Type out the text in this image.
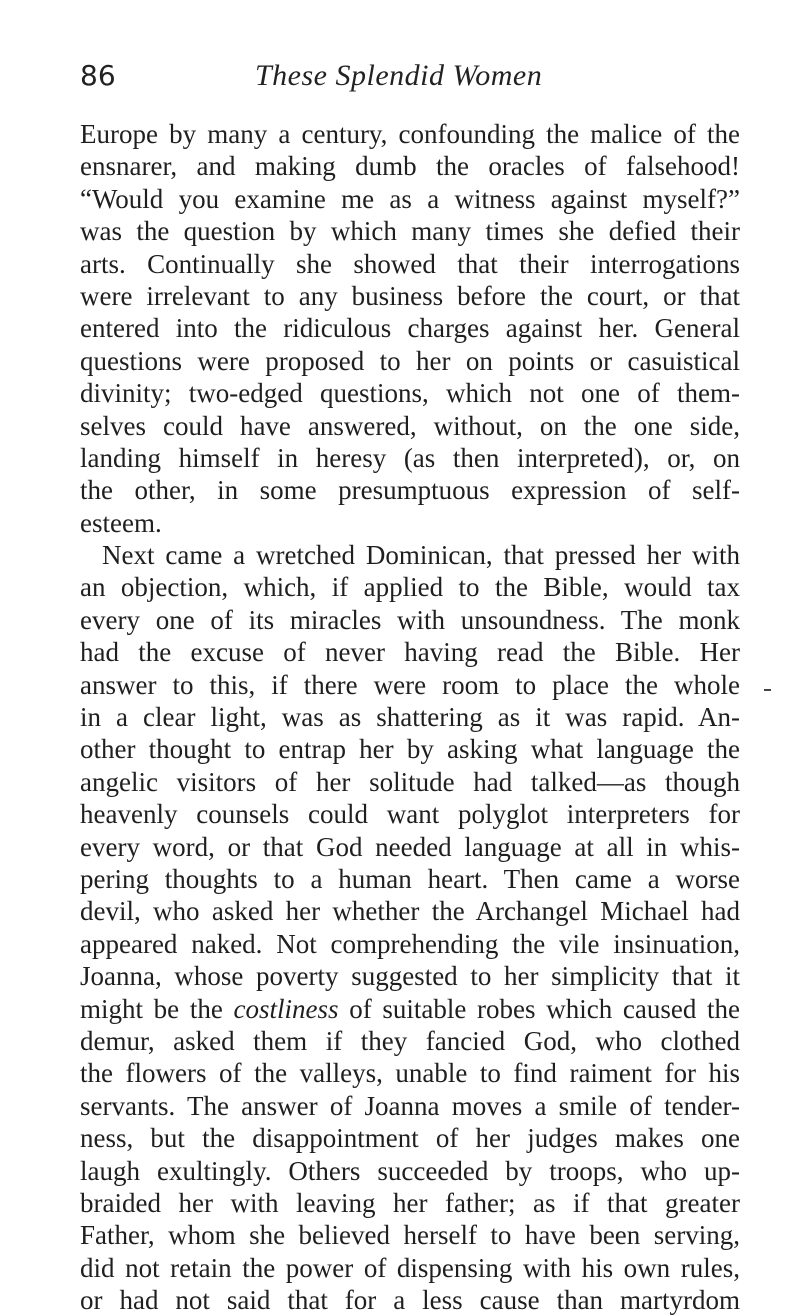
86	These Splendid Women
Europe by many a century, confounding the malice of the
ensnarer, and making dumb the oracles of falsehood!
“Would you examine me as a witness against myself?”
was the question by which many times she defied their
arts. Continually she showed that their interrogations
were irrelevant to any business before the court, or that
entered into the ridiculous charges against her. General
questions were proposed to her on points or casuistical
divinity; two-edged questions, which not one of them-
selves could have answered, without, on the one side,
landing himself in heresy (as then interpreted), or, on
the other, in some presumptuous expression of self-
esteem.
Next came a wretched Dominican, that pressed her with
an objection, which, if applied to the Bible, would tax
every one of its miracles with unsoundness. The monk
had the excuse of never having read the Bible. Her
answer to this, if there were room to place the whole
in a clear light, was as shattering as it was rapid. An-
other thought to entrap her by asking what language the
angelic visitors of her solitude had talked—as though
heavenly counsels could want polyglot interpreters for
every word, or that God needed language at all in whis-
pering thoughts to a human heart. Then came a worse
devil, who asked her whether the Archangel Michael had
appeared naked. Not comprehending the vile insinuation,
Joanna, whose poverty suggested to her simplicity that it
might be the costliness of suitable robes which caused the
demur, asked them if they fancied God, who clothed
the flowers of the valleys, unable to find raiment for his
servants. The answer of Joanna moves a smile of tender-
ness, but the disappointment of her judges makes one
laugh exultingly. Others succeeded by troops, who up-
braided her with leaving her father; as if that greater
Father, whom she believed herself to have been serving,
did not retain the power of dispensing with his own rules,
or had not said that for a less cause than martyrdom
